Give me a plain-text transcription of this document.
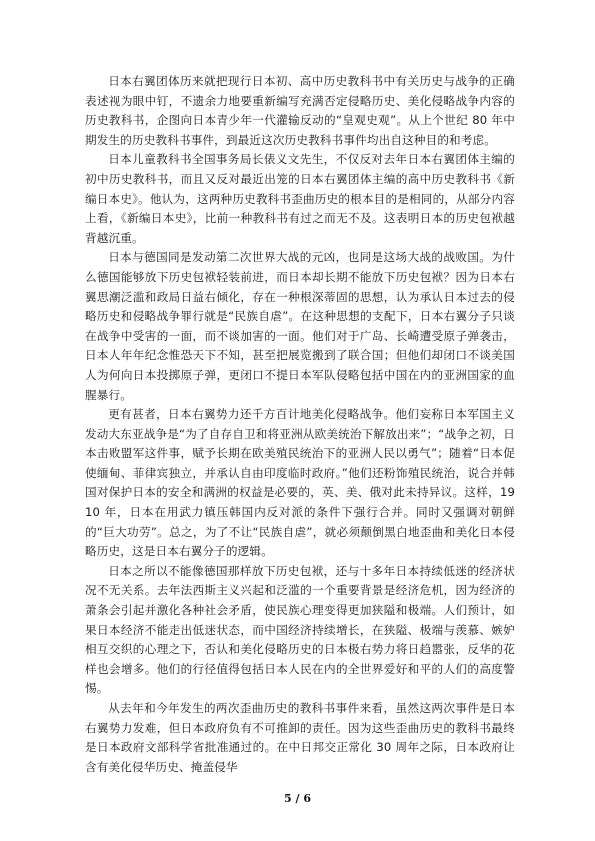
日本右翼团体历来就把现行日本初、高中历史教科书中有关历史与战争的正确表述视为眼中钉，不遗余力地要重新编写充满否定侵略历史、美化侵略战争内容的历史教科书，企图向日本青少年一代灌输反动的“皇观史观”。从上个世纪 80 年中期发生的历史教科书事件，到最近这次历史教科书事件均出自这种目的和考虑。

日本儿童教科书全国事务局长俵义文先生，不仅反对去年日本右翼团体主编的初中历史教科书，而且又反对最近出笼的日本右翼团体主编的高中历史教科书《新编日本史》。他认为，这两种历史教科书歪曲历史的根本目的是相同的，从部分内容上看，《新编日本史》，比前一种教科书有过之而无不及。这表明日本的历史包袱越背越沉重。

日本与德国同是发动第二次世界大战的元凶，也同是这场大战的战败国。为什么德国能够放下历史包袱轻装前进，而日本却长期不能放下历史包袱？因为日本右翼思潮泛滥和政局日益右倾化，存在一种根深蒂固的思想，认为承认日本过去的侵略历史和侵略战争罪行就是“民族自虐”。在这种思想的支配下，日本右翼分子只谈在战争中受害的一面，而不谈加害的一面。他们对于广岛、长崎遭受原子弹袭击，日本人年年纪念惟恐天下不知，甚至把展览搬到了联合国；但他们却闭口不谈美国人为何向日本投掷原子弹，更闭口不提日本军队侵略包括中国在内的亚洲国家的血腥暴行。

更有甚者，日本右翼势力还千方百计地美化侵略战争。他们妄称日本军国主义发动大东亚战争是“为了自存自卫和将亚洲从欧美统治下解放出来”；“战争之初，日本击败盟军这件事，赋予长期在欧美殖民统治下的亚洲人民以勇气”；随着“日本促使缅甸、菲律宾独立，并承认自由印度临时政府。”他们还粉饰殖民统治，说合并韩国对保护日本的安全和满洲的权益是必要的，英、美、俄对此未持异议。这样，1910 年，日本在用武力镇压韩国内反对派的条件下强行合并。同时又强调对朝鲜的“巨大功劳”。总之，为了不让“民族自虐”，就必须颠倒黑白地歪曲和美化日本侵略历史，这是日本右翼分子的逻辑。

日本之所以不能像德国那样放下历史包袱，还与十多年日本持续低迷的经济状况不无关系。去年法西斯主义兴起和泛滥的一个重要背景是经济危机，因为经济的萧条会引起并激化各种社会矛盾，使民族心理变得更加狭隘和极端。人们预计，如果日本经济不能走出低迷状态，而中国经济持续增长，在狭隘、极端与羡慕、嫉妒相互交织的心理之下，否认和美化侵略历史的日本极右势力将日趋嚣张，反华的花样也会增多。他们的行径值得包括日本人民在内的全世界爱好和平的人们的高度警惕。

从去年和今年发生的两次歪曲历史的教科书事件来看，虽然这两次事件是日本右翼势力发难，但日本政府负有不可推卸的责任。因为这些歪曲历史的教科书最终是日本政府文部科学省批准通过的。在中日邦交正常化 30 周年之际，日本政府让含有美化侵华历史、掩盖侵华

5 / 6
